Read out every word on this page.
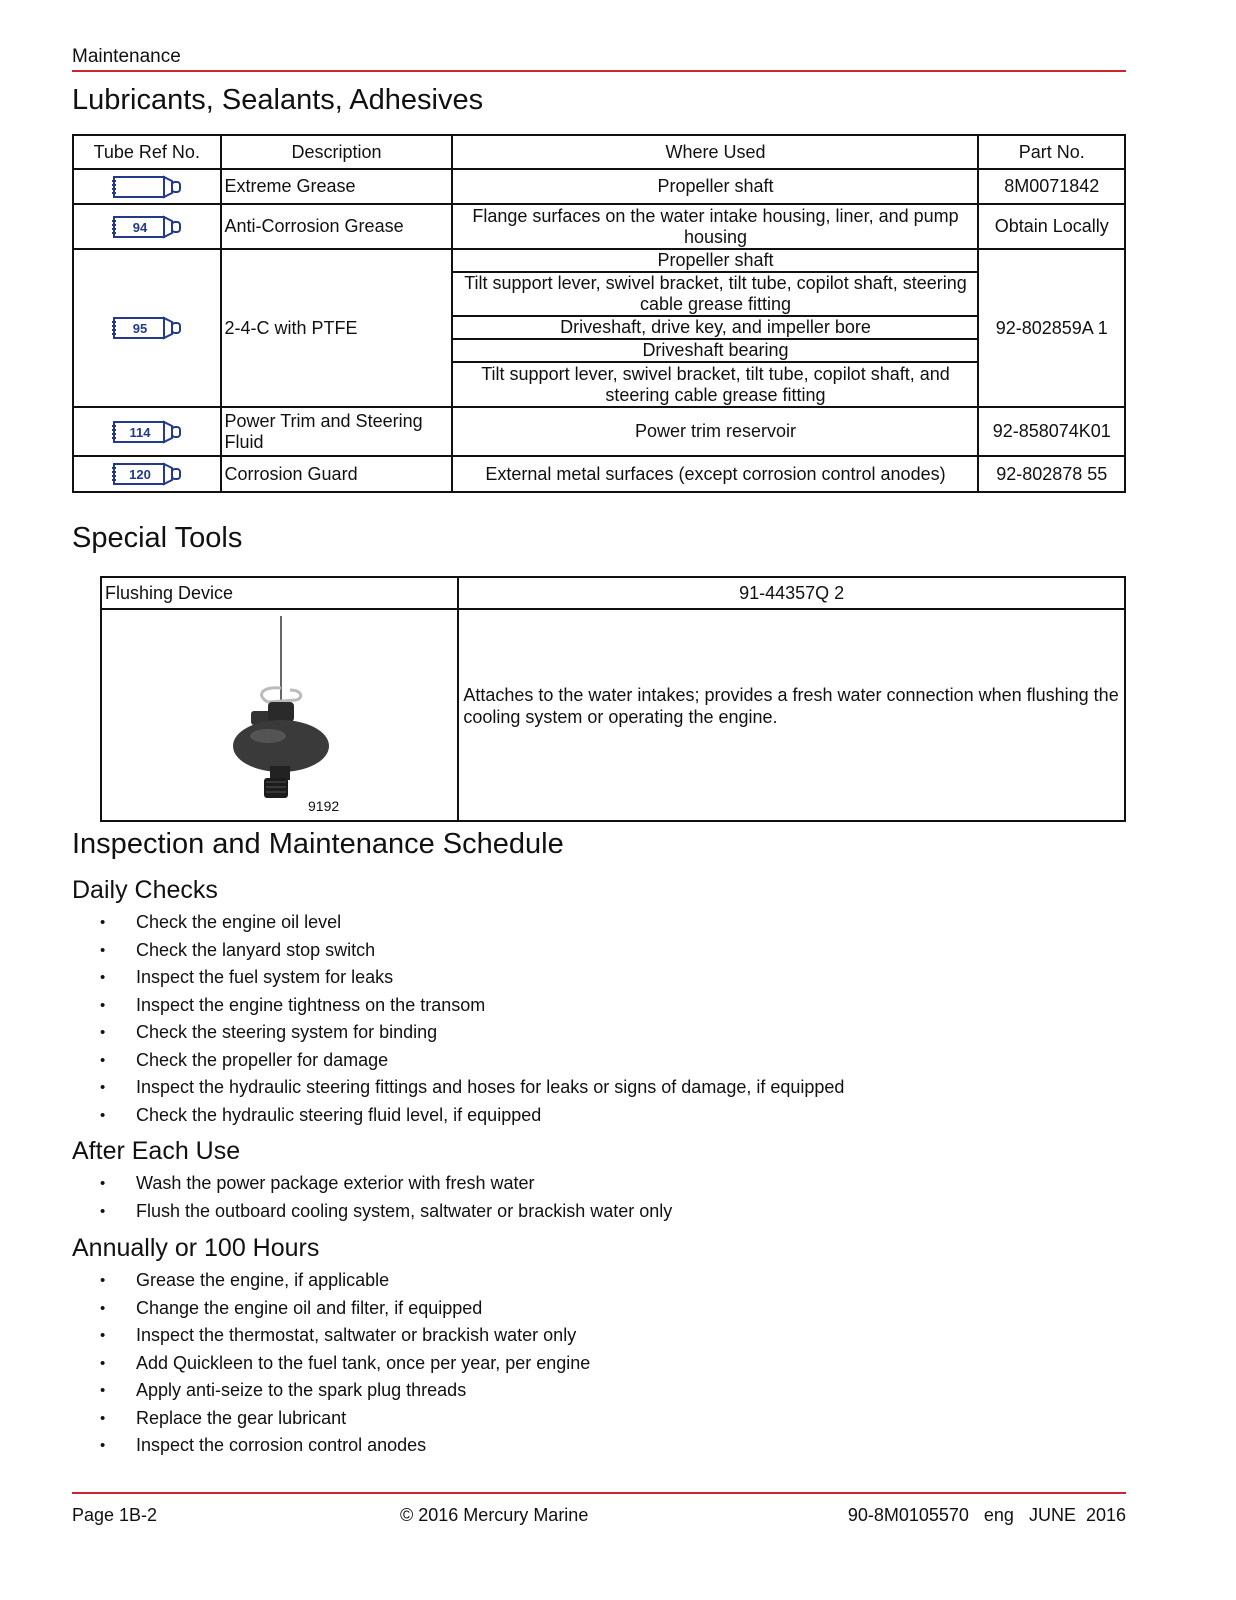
Maintenance
Lubricants, Sealants, Adhesives
Tube Ref No.	Description	Where Used	Part No.

	Extreme Grease	Propeller shaft	8M0071842

94	Anti-Corrosion Grease	Flange surfaces on the water intake housing, liner, and pump housing	Obtain Locally

95	2-4-C with PTFE	Propeller shaft	92-802859A 1
		Tilt support lever, swivel bracket, tilt tube, copilot shaft, steering cable grease fitting	
		Driveshaft, drive key, and impeller bore	
		Driveshaft bearing	
		Tilt support lever, swivel bracket, tilt tube, copilot shaft, and steering cable grease fitting	

114	Power Trim and Steering Fluid	Power trim reservoir	92-858074K01

120	Corrosion Guard	External metal surfaces (except corrosion control anodes)	92-802878 55
Special Tools
Flushing Device	91-44357Q 2

9192	Attaches to the water intakes; provides a fresh water connection when flushing the cooling system or operating the engine.
Inspection and Maintenance Schedule
Daily Checks
• Check the engine oil level
• Check the lanyard stop switch
• Inspect the fuel system for leaks
• Inspect the engine tightness on the transom
• Check the steering system for binding
• Check the propeller for damage
• Inspect the hydraulic steering fittings and hoses for leaks or signs of damage, if equipped
• Check the hydraulic steering fluid level, if equipped
After Each Use
• Wash the power package exterior with fresh water
• Flush the outboard cooling system, saltwater or brackish water only
Annually or 100 Hours
• Grease the engine, if applicable
• Change the engine oil and filter, if equipped
• Inspect the thermostat, saltwater or brackish water only
• Add Quickleen to the fuel tank, once per year, per engine
• Apply anti-seize to the spark plug threads
• Replace the gear lubricant
• Inspect the corrosion control anodes
Page 1B-2	© 2016 Mercury Marine	90-8M0105570   eng   JUNE  2016
